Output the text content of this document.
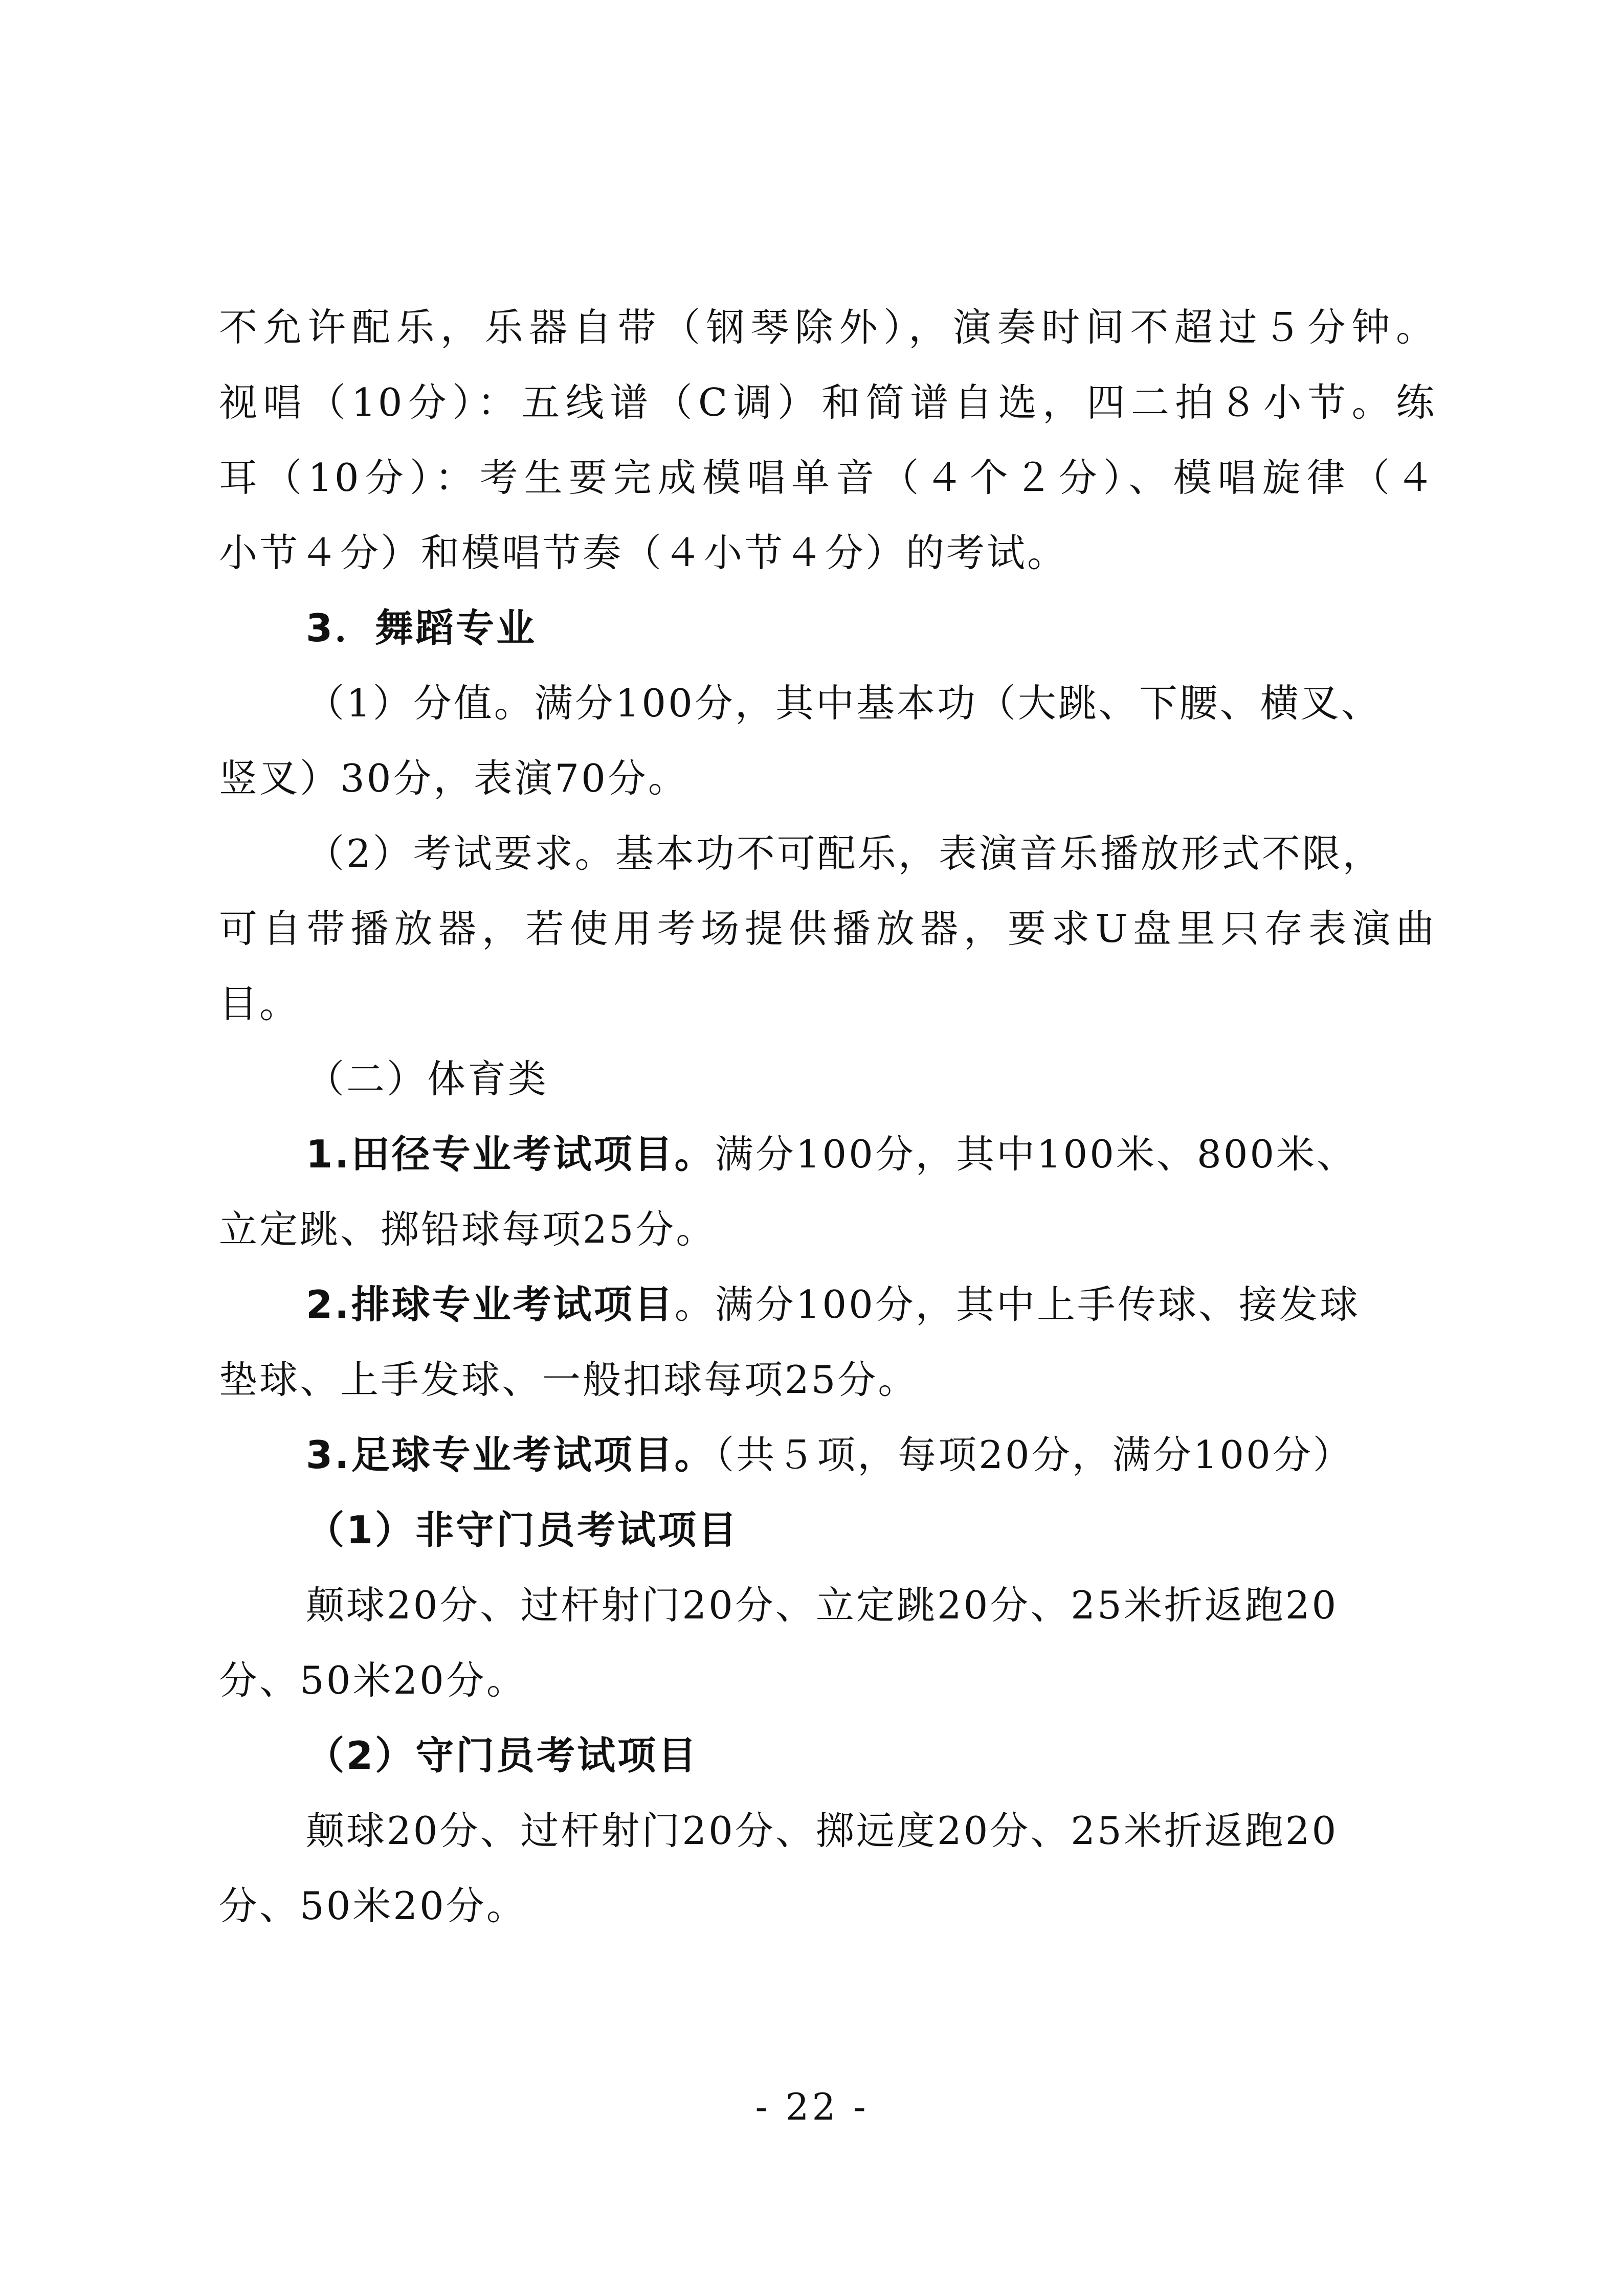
不允许配乐，乐器自带（钢琴除外），演奏时间不超过５分钟。
视唱（10分）：五线谱（C调）和简谱自选，四二拍８小节。练
耳（10分）：考生要完成模唱单音（４个２分）、模唱旋律（４
小节４分）和模唱节奏（４小节４分）的考试。
3．舞蹈专业
（1）分值。满分100分，其中基本功（大跳、下腰、横叉、
竖叉）30分，表演70分。
（2）考试要求。基本功不可配乐，表演音乐播放形式不限，
可自带播放器，若使用考场提供播放器，要求U盘里只存表演曲
目。
（二）体育类
1.田径专业考试项目。满分100分，其中100米、800米、
立定跳、掷铅球每项25分。
2.排球专业考试项目。满分100分，其中上手传球、接发球
垫球、上手发球、一般扣球每项25分。
3.足球专业考试项目。（共５项，每项20分，满分100分）
（1）非守门员考试项目
颠球20分、过杆射门20分、立定跳20分、25米折返跑20
分、50米20分。
（2）守门员考试项目
颠球20分、过杆射门20分、掷远度20分、25米折返跑20
分、50米20分。
- 22 -
